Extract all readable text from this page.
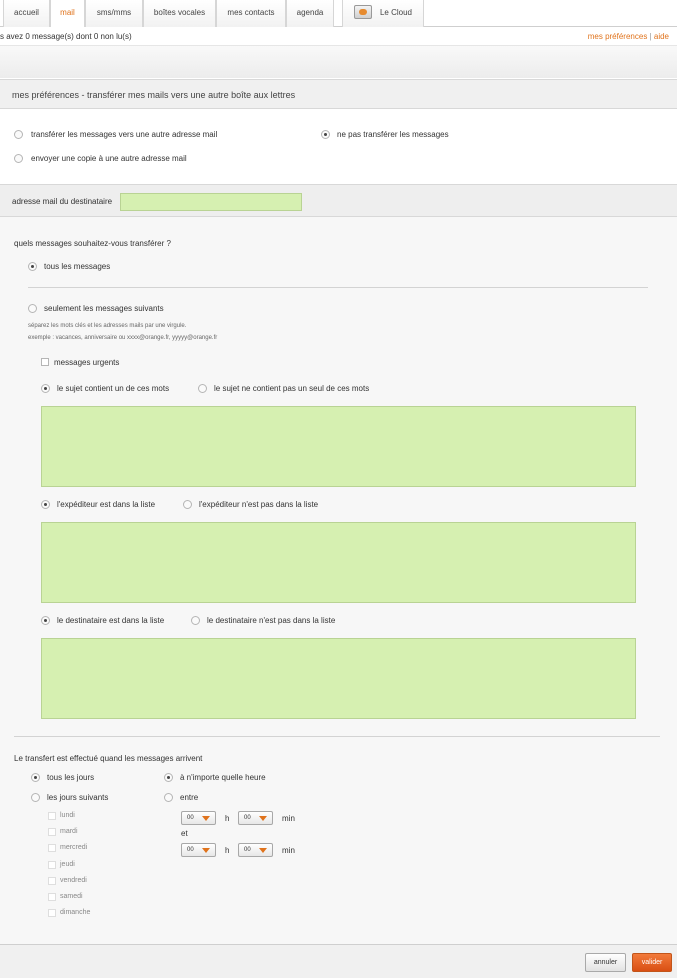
accueil	mail	sms/mms	boîtes vocales	mes contacts	agenda	Le Cloud
s avez 0 message(s) dont 0 non lu(s)	mes préférences | aide
mes préférences - transférer mes mails vers une autre boîte aux lettres
transférer les messages vers une autre adresse mail	ne pas transférer les messages
envoyer une copie à une autre adresse mail
adresse mail du destinataire
quels messages souhaitez-vous transférer ?
tous les messages
seulement les messages suivants
séparez les mots clés et les adresses mails par une virgule.
exemple : vacances, anniversaire ou xxxx@orange.fr, yyyyy@orange.fr
messages urgents
le sujet contient un de ces mots	le sujet ne contient pas un seul de ces mots
l'expéditeur est dans la liste	l'expéditeur n'est pas dans la liste
le destinataire est dans la liste	le destinataire n'est pas dans la liste
Le transfert est effectué quand les messages arrivent
tous les jours	à n'importe quelle heure
les jours suivants	entre
lundi
mardi
mercredi
jeudi
vendredi
samedi
dimanche
00	h	00	min
et
00	h	00	min
annuler	valider
